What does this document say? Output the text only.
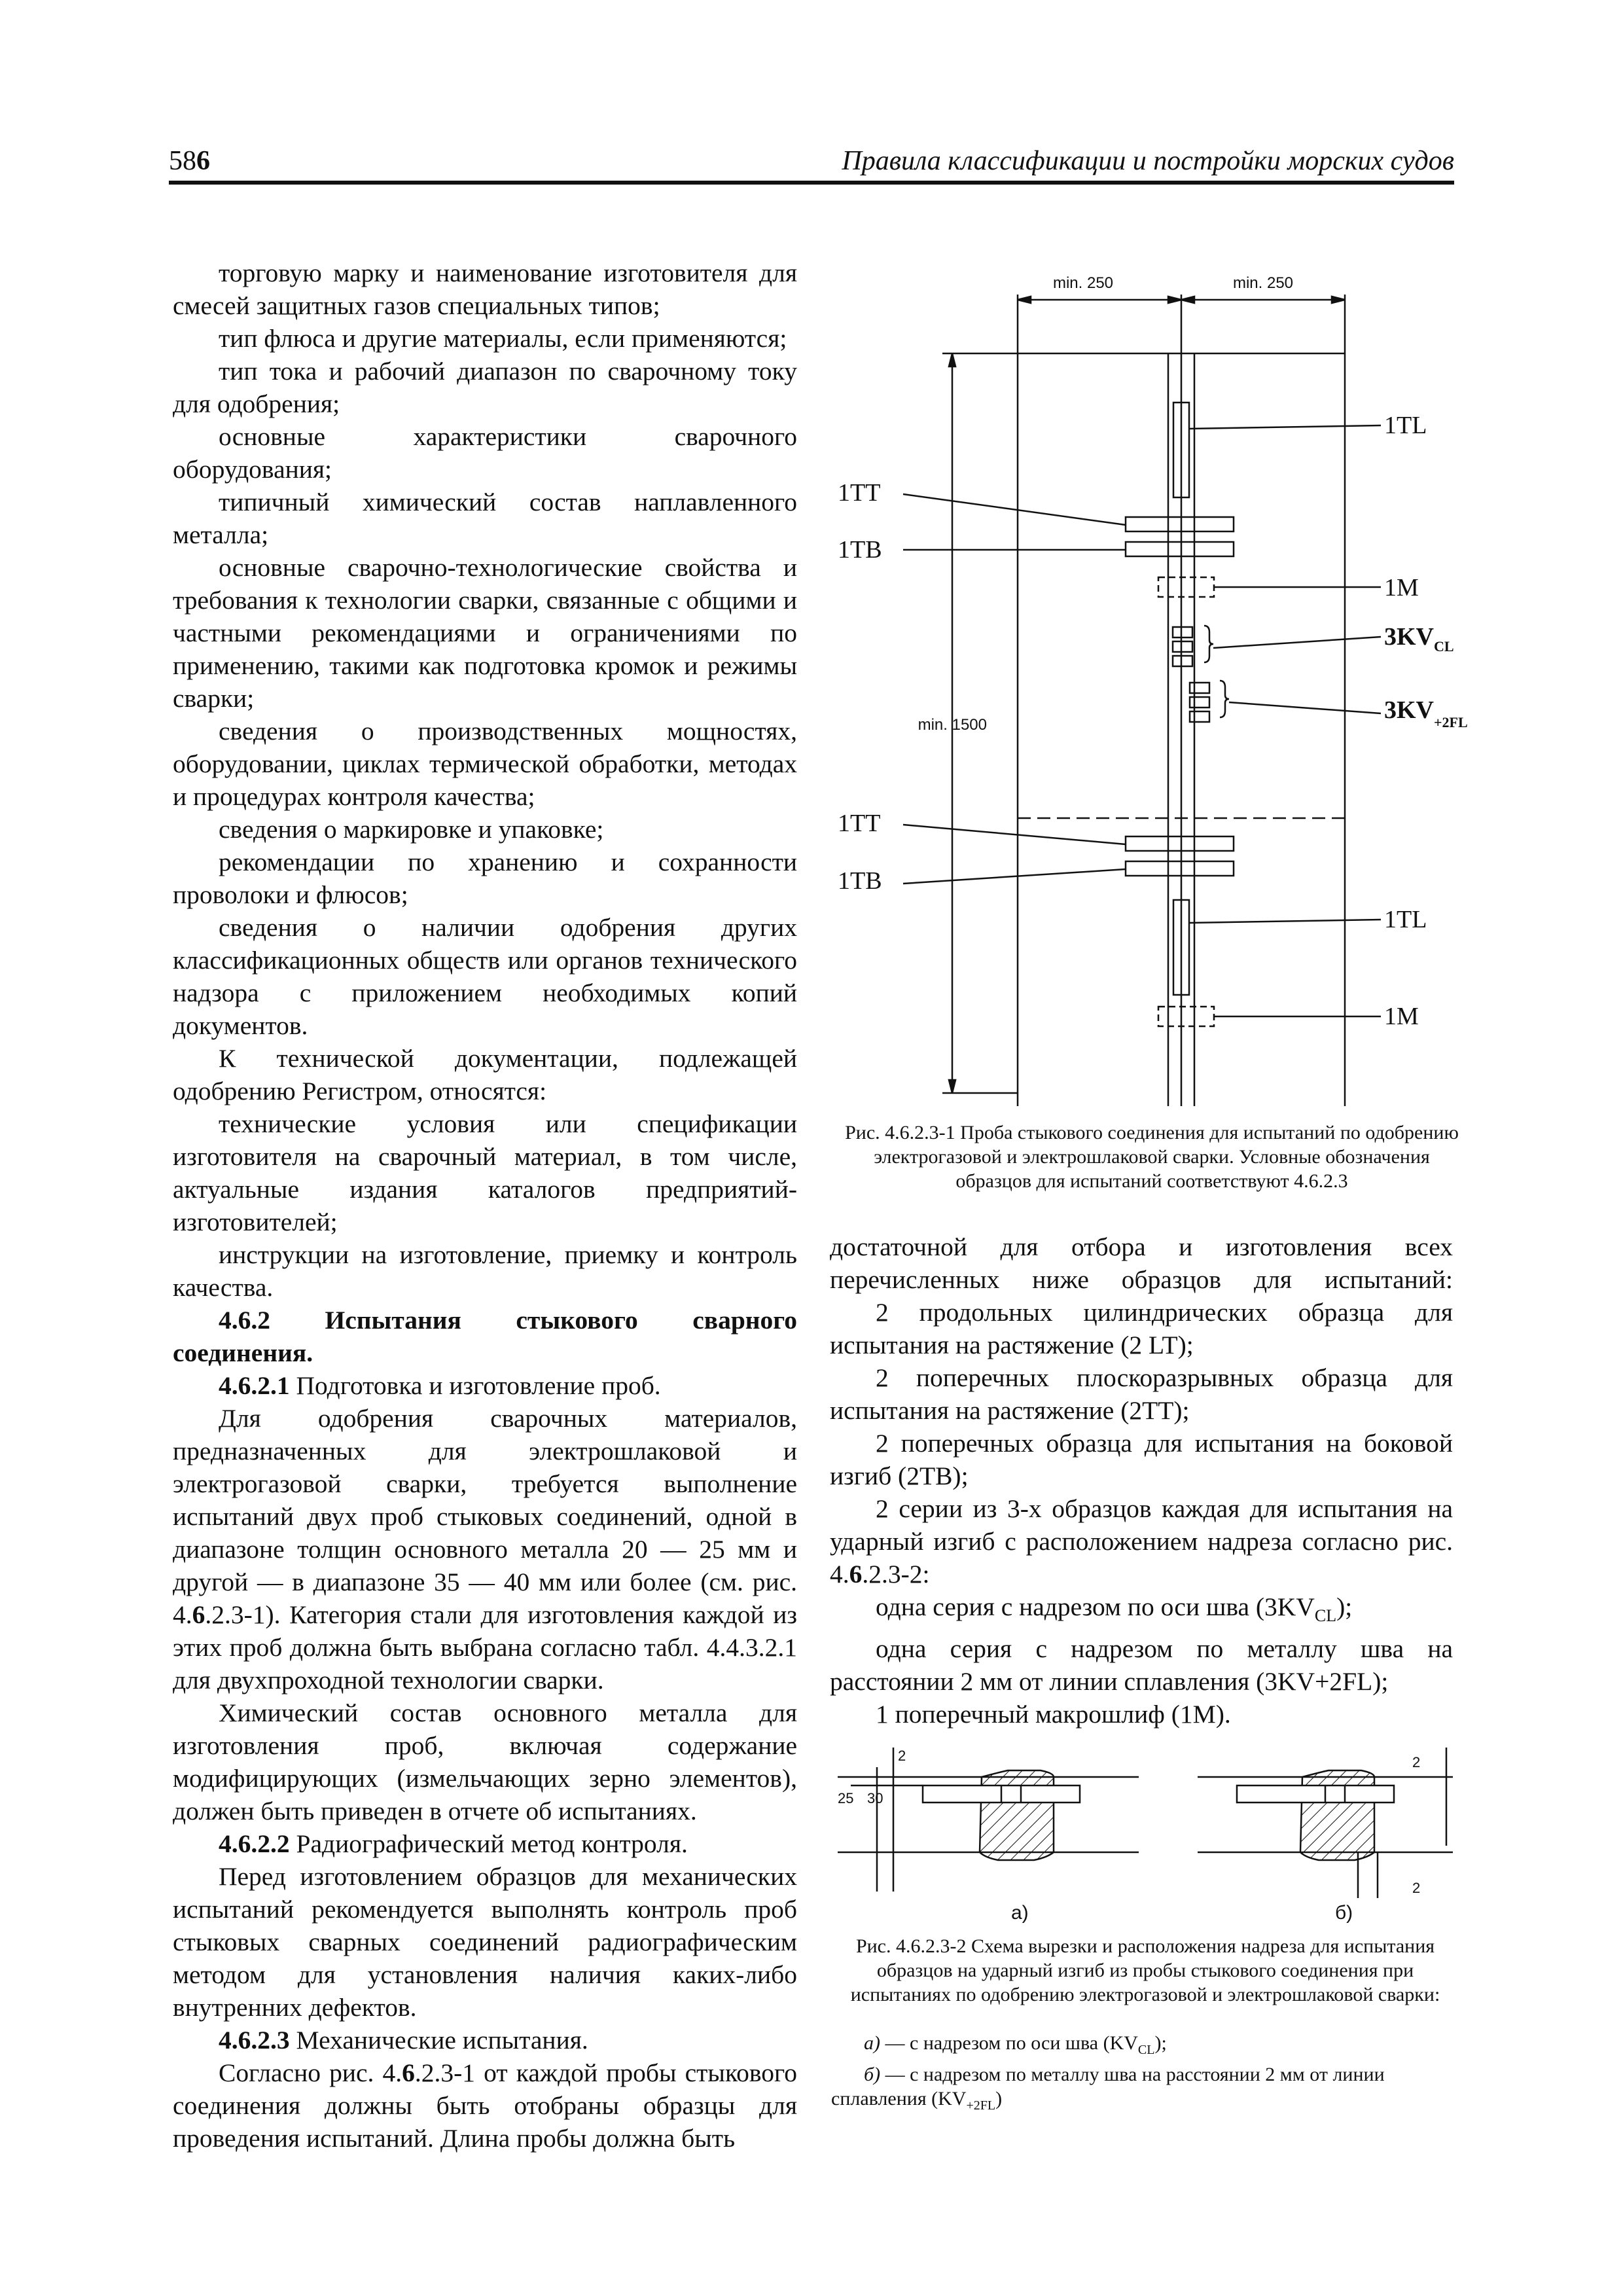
586	Правила классификации и постройки морских судов

торговую марку и наименование изготовителя для смесей защитных газов специальных типов;

тип флюса и другие материалы, если применяются;

тип тока и рабочий диапазон по сварочному току для одобрения;

основные характеристики сварочного оборудования;

типичный химический состав наплавленного металла;

основные сварочно-технологические свойства и требования к технологии сварки, связанные с общими и частными рекомендациями и ограничениями по применению, такими как подготовка кромок и режимы сварки;

сведения о производственных мощностях, оборудовании, циклах термической обработки, методах и процедурах контроля качества;

сведения о маркировке и упаковке;

рекомендации по хранению и сохранности проволоки и флюсов;

сведения о наличии одобрения других классификационных обществ или органов технического надзора с приложением необходимых копий документов.

К технической документации, подлежащей одобрению Регистром, относятся:

технические условия или спецификации изготовителя на сварочный материал, в том числе, актуальные издания каталогов предприятий-изготовителей;

инструкции на изготовление, приемку и контроль качества.

4.6.2 Испытания стыкового сварного соединения.

4.6.2.1 Подготовка и изготовление проб.

Для одобрения сварочных материалов, предназначенных для электрошлаковой и электрогазовой сварки, требуется выполнение испытаний двух проб стыковых соединений, одной в диапазоне толщин основного металла 20 — 25 мм и другой — в диапазоне 35 — 40 мм или более (см. рис. 4.6.2.3-1). Категория стали для изготовления каждой из этих проб должна быть выбрана согласно табл. 4.4.3.2.1 для двухпроходной технологии сварки.

Химический состав основного металла для изготовления проб, включая содержание модифицирующих (измельчающих зерно элементов), должен быть приведен в отчете об испытаниях.

4.6.2.2 Радиографический метод контроля.

Перед изготовлением образцов для механических испытаний рекомендуется выполнять контроль проб стыковых сварных соединений радиографическим методом для установления наличия каких-либо внутренних дефектов.

4.6.2.3 Механические испытания.

Согласно рис. 4.6.2.3-1 от каждой пробы стыкового соединения должны быть отобраны образцы для проведения испытаний. Длина пробы должна быть

min. 250	min. 250
min. 1500
1TL
1TT
1TB
1M
$3KV_{CL}$
$3KV_{+2FL}$
1TT
1TB
1TL
1M

Рис. 4.6.2.3-1 Проба стыкового соединения для испытаний по одобрению электрогазовой и электрошлаковой сварки. Условные обозначения образцов для испытаний соответствуют 4.6.2.3

достаточной для отбора и изготовления всех перечисленных ниже образцов для испытаний:

2 продольных цилиндрических образца для испытания на растяжение (2 LT);

2 поперечных плоскоразрывных образца для испытания на растяжение (2TT);

2 поперечных образца для испытания на боковой изгиб (2TB);

2 серии из 3-х образцов каждая для испытания на ударный изгиб с расположением надреза согласно рис. 4.6.2.3-2:

одна серия с надрезом по оси шва $(3KV_{CL})$;

одна серия с надрезом по металлу шва на расстоянии 2 мм от линии сплавления (3KV+2FL);

1 поперечный макрошлиф (1M).

2
25 30
а)
2
2
б)

Рис. 4.6.2.3-2 Схема вырезки и расположения надреза для испытания образцов на ударный изгиб из пробы стыкового соединения при испытаниях по одобрению электрогазовой и электрошлаковой сварки:

а) — с надрезом по оси шва $(KV_{CL})$;

б) — с надрезом по металлу шва на расстоянии 2 мм от линии сплавления $(KV_{+2FL})$
